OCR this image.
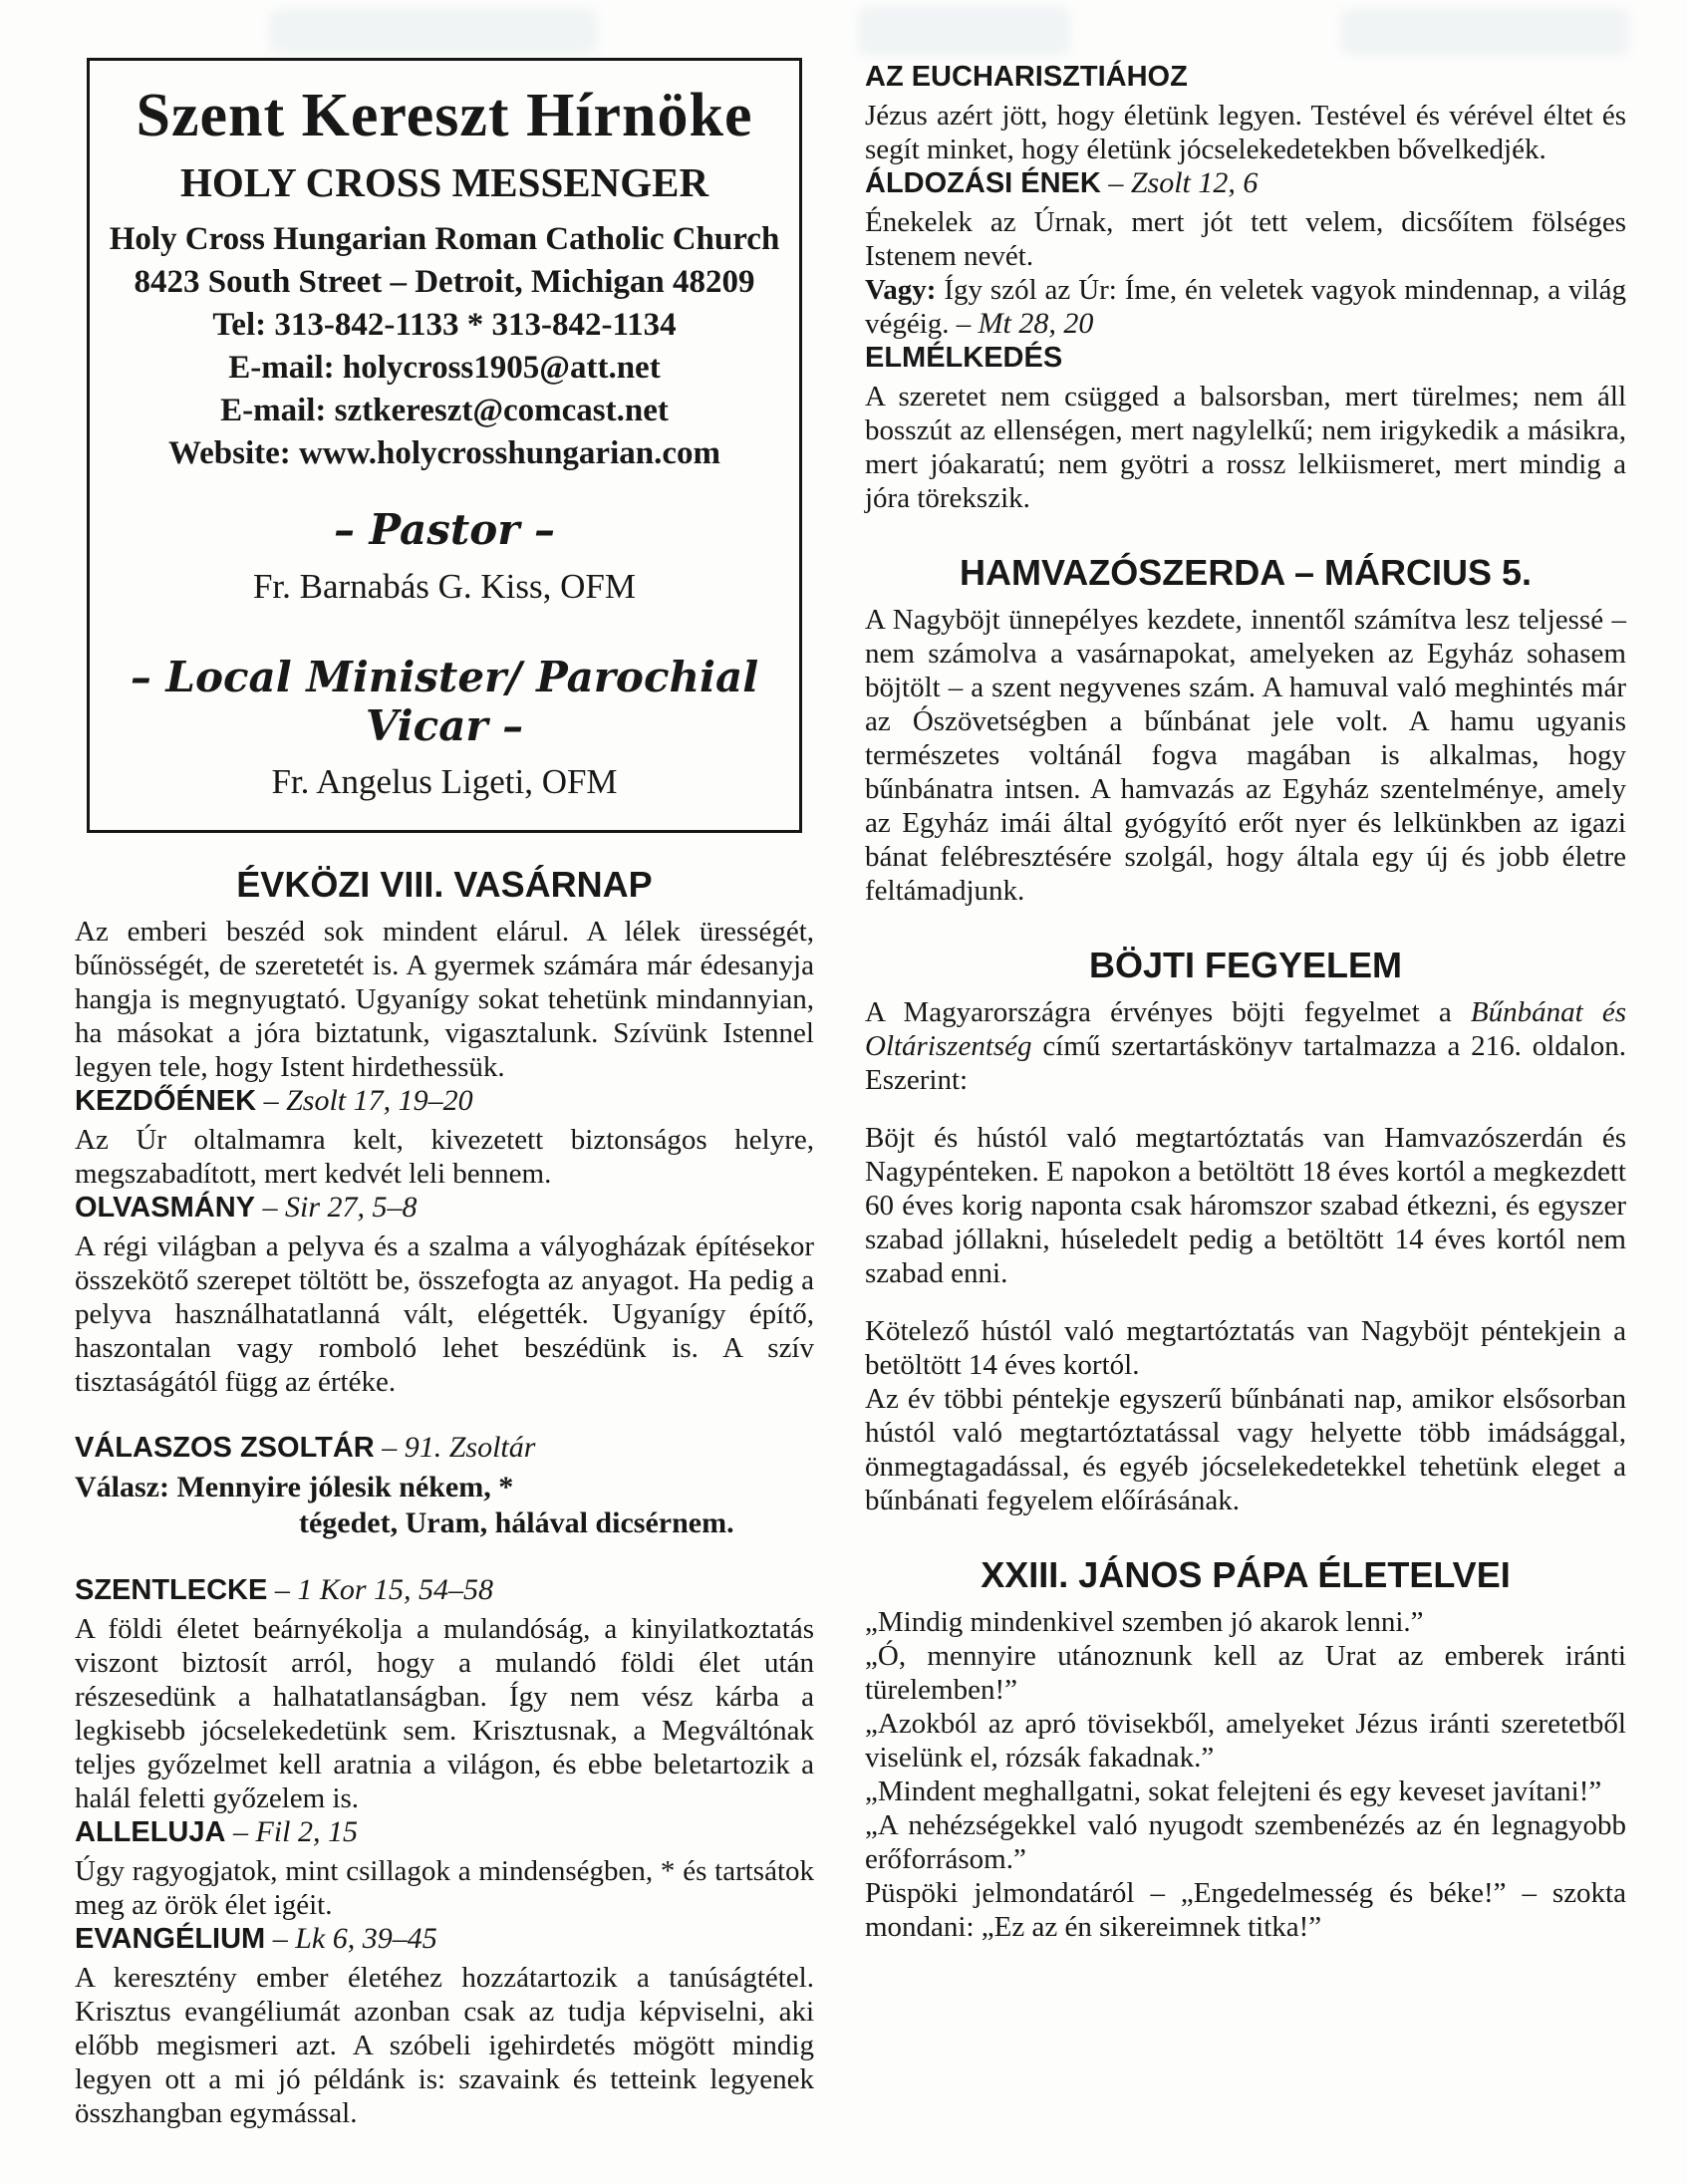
Szent Kereszt Hírnöke
HOLY CROSS MESSENGER
Holy Cross Hungarian Roman Catholic Church
8423 South Street – Detroit, Michigan 48209
Tel: 313-842-1133 * 313-842-1134
E-mail: holycross1905@att.net
E-mail: sztkereszt@comcast.net
Website: www.holycrosshungarian.com
– Pastor –
Fr. Barnabás G. Kiss, OFM
– Local Minister/ Parochial Vicar –
Fr. Angelus Ligeti, OFM
ÉVKÖZI VIII. VASÁRNAP

Az emberi beszéd sok mindent elárul. A lélek ürességét, bűnösségét, de szeretetét is. A gyermek számára már édesanyja hangja is megnyugtató. Ugyanígy sokat tehetünk mindannyian, ha másokat a jóra biztatunk, vigasztalunk. Szívünk Istennel legyen tele, hogy Istent hirdethessük.

KEZDŐÉNEK – Zsolt 17, 19–20

Az Úr oltalmamra kelt, kivezetett biztonságos helyre, megszabadított, mert kedvét leli bennem.

OLVASMÁNY – Sir 27, 5–8

A régi világban a pelyva és a szalma a vályogházak építésekor összekötő szerepet töltött be, összefogta az anyagot. Ha pedig a pelyva használhatatlanná vált, elégették. Ugyanígy építő, haszontalan vagy romboló lehet beszédünk is. A szív tisztaságától függ az értéke.

VÁLASZOS ZSOLTÁR – 91. Zsoltár

Válasz: Mennyire jólesik nékem, *

tégedet, Uram, hálával dicsérnem.

SZENTLECKE – 1 Kor 15, 54–58

A földi életet beárnyékolja a mulandóság, a kinyilatkoztatás viszont biztosít arról, hogy a mulandó földi élet után részesedünk a halhatatlanságban. Így nem vész kárba a legkisebb jócselekedetünk sem. Krisztusnak, a Megváltónak teljes győzelmet kell aratnia a világon, és ebbe beletartozik a halál feletti győzelem is.

ALLELUJA – Fil 2, 15

Úgy ragyogjatok, mint csillagok a mindenségben, * és tartsátok meg az örök élet igéit.

EVANGÉLIUM – Lk 6, 39–45

A keresztény ember életéhez hozzátartozik a tanúságtétel. Krisztus evangéliumát azonban csak az tudja képviselni, aki előbb megismeri azt. A szóbeli igehirdetés mögött mindig legyen ott a mi jó példánk is: szavaink és tetteink legyenek összhangban egymással.

AZ EUCHARISZTIÁHOZ

Jézus azért jött, hogy életünk legyen. Testével és vérével éltet és segít minket, hogy életünk jócselekedetekben bővelkedjék.

ÁLDOZÁSI ÉNEK – Zsolt 12, 6

Énekelek az Úrnak, mert jót tett velem, dicsőítem fölséges Istenem nevét.

Vagy: Így szól az Úr: Íme, én veletek vagyok mindennap, a világ végéig. – Mt 28, 20

ELMÉLKEDÉS

A szeretet nem csügged a balsorsban, mert türelmes; nem áll bosszút az ellenségen, mert nagylelkű; nem irigykedik a másikra, mert jóakaratú; nem gyötri a rossz lelkiismeret, mert mindig a jóra törekszik.

HAMVAZÓSZERDA – MÁRCIUS 5.

A Nagyböjt ünnepélyes kezdete, innentől számítva lesz teljessé – nem számolva a vasárnapokat, amelyeken az Egyház sohasem böjtölt – a szent negyvenes szám. A hamuval való meghintés már az Ószövetségben a bűnbánat jele volt. A hamu ugyanis természetes voltánál fogva magában is alkalmas, hogy bűnbánatra intsen. A hamvazás az Egyház szentelménye, amely az Egyház imái által gyógyító erőt nyer és lelkünkben az igazi bánat felébresztésére szolgál, hogy általa egy új és jobb életre feltámadjunk.

BÖJTI FEGYELEM

A Magyarországra érvényes böjti fegyelmet a Bűnbánat és Oltáriszentség című szertartáskönyv tartalmazza a 216. oldalon. Eszerint:

Böjt és hústól való megtartóztatás van Hamvazószerdán és Nagypénteken. E napokon a betöltött 18 éves kortól a megkezdett 60 éves korig naponta csak háromszor szabad étkezni, és egyszer szabad jóllakni, húseledelt pedig a betöltött 14 éves kortól nem szabad enni.

Kötelező hústól való megtartóztatás van Nagyböjt péntekjein a betöltött 14 éves kortól.

Az év többi péntekje egyszerű bűnbánati nap, amikor elsősorban hústól való megtartóztatással vagy helyette több imádsággal, önmegtagadással, és egyéb jócselekedetekkel tehetünk eleget a bűnbánati fegyelem előírásának.

XXIII. JÁNOS PÁPA ÉLETELVEI

„Mindig mindenkivel szemben jó akarok lenni.”

„Ó, mennyire utánoznunk kell az Urat az emberek iránti türelemben!”

„Azokból az apró tövisekből, amelyeket Jézus iránti szeretetből viselünk el, rózsák fakadnak.”

„Mindent meghallgatni, sokat felejteni és egy keveset javítani!”

„A nehézségekkel való nyugodt szembenézés az én legnagyobb erőforrásom.”

Püspöki jelmondatáról – „Engedelmesség és béke!” – szokta mondani: „Ez az én sikereimnek titka!”
